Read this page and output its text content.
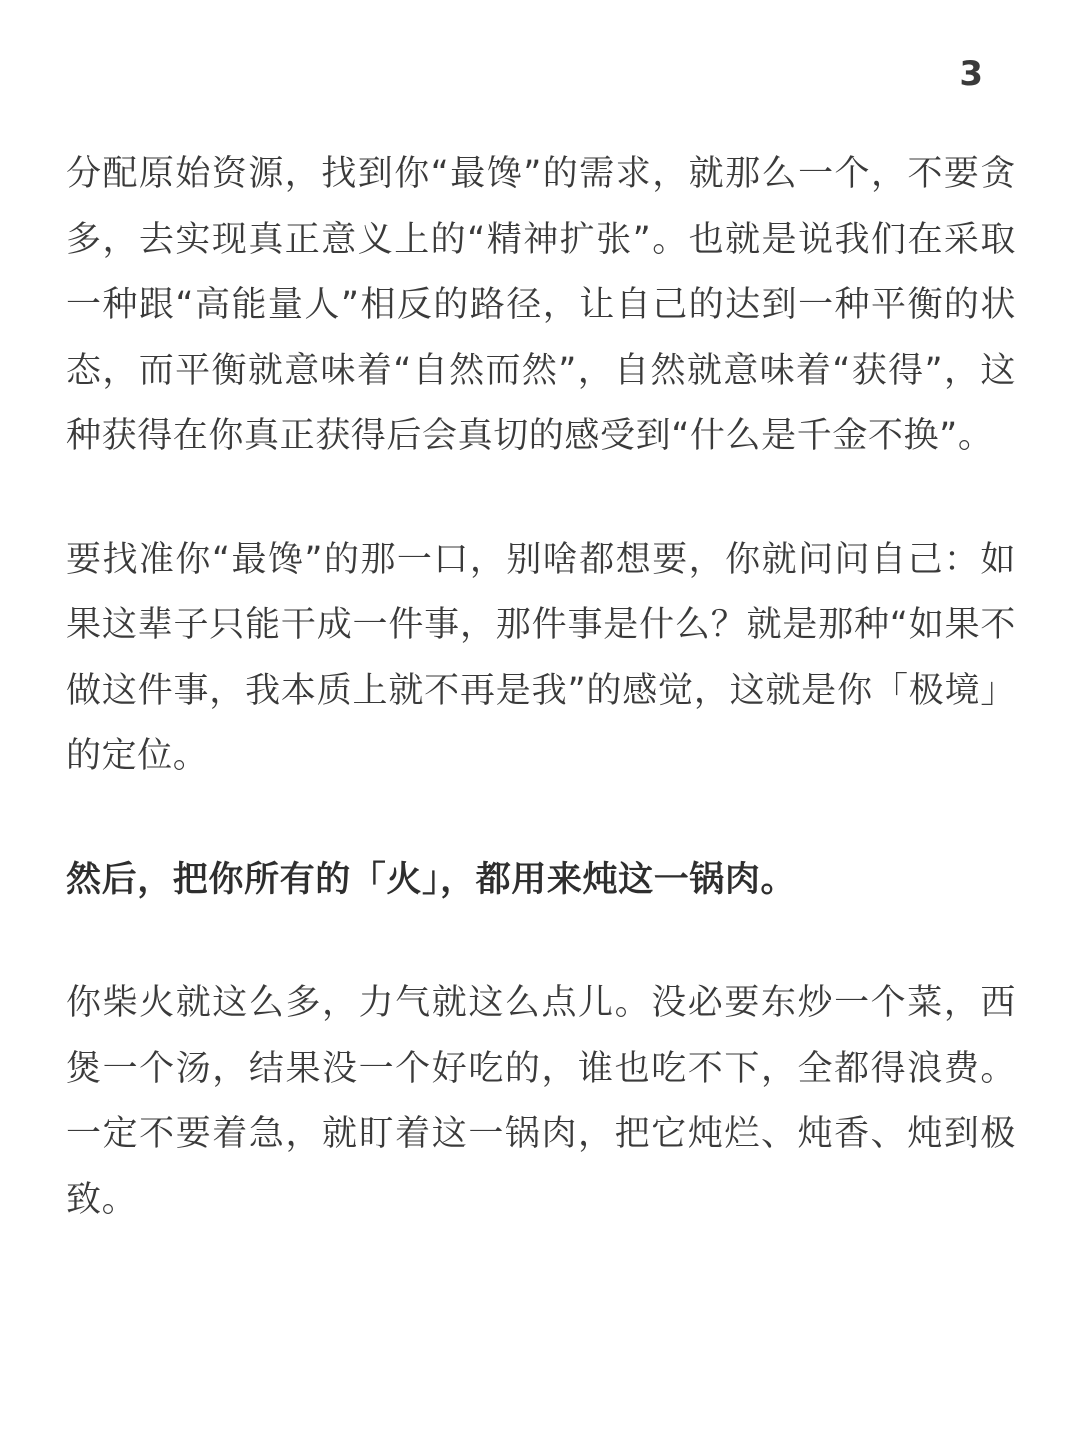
3

分配原始资源，找到你“最馋”的需求，就那么一个，不要贪多，去实现真正意义上的“精神扩张”。也就是说我们在采取一种跟“高能量人”相反的路径，让自己的达到一种平衡的状态，而平衡就意味着“自然而然”，自然就意味着“获得”，这种获得在你真正获得后会真切的感受到“什么是千金不换”。

要找准你“最馋”的那一口，别啥都想要，你就问问自己：如果这辈子只能干成一件事，那件事是什么？就是那种“如果不做这件事，我本质上就不再是我”的感觉，这就是你「极境」的定位。

然后，把你所有的「火」，都用来炖这一锅肉。

你柴火就这么多，力气就这么点儿。没必要东炒一个菜，西煲一个汤，结果没一个好吃的，谁也吃不下，全都得浪费。一定不要着急，就盯着这一锅肉，把它炖烂、炖香、炖到极致。
